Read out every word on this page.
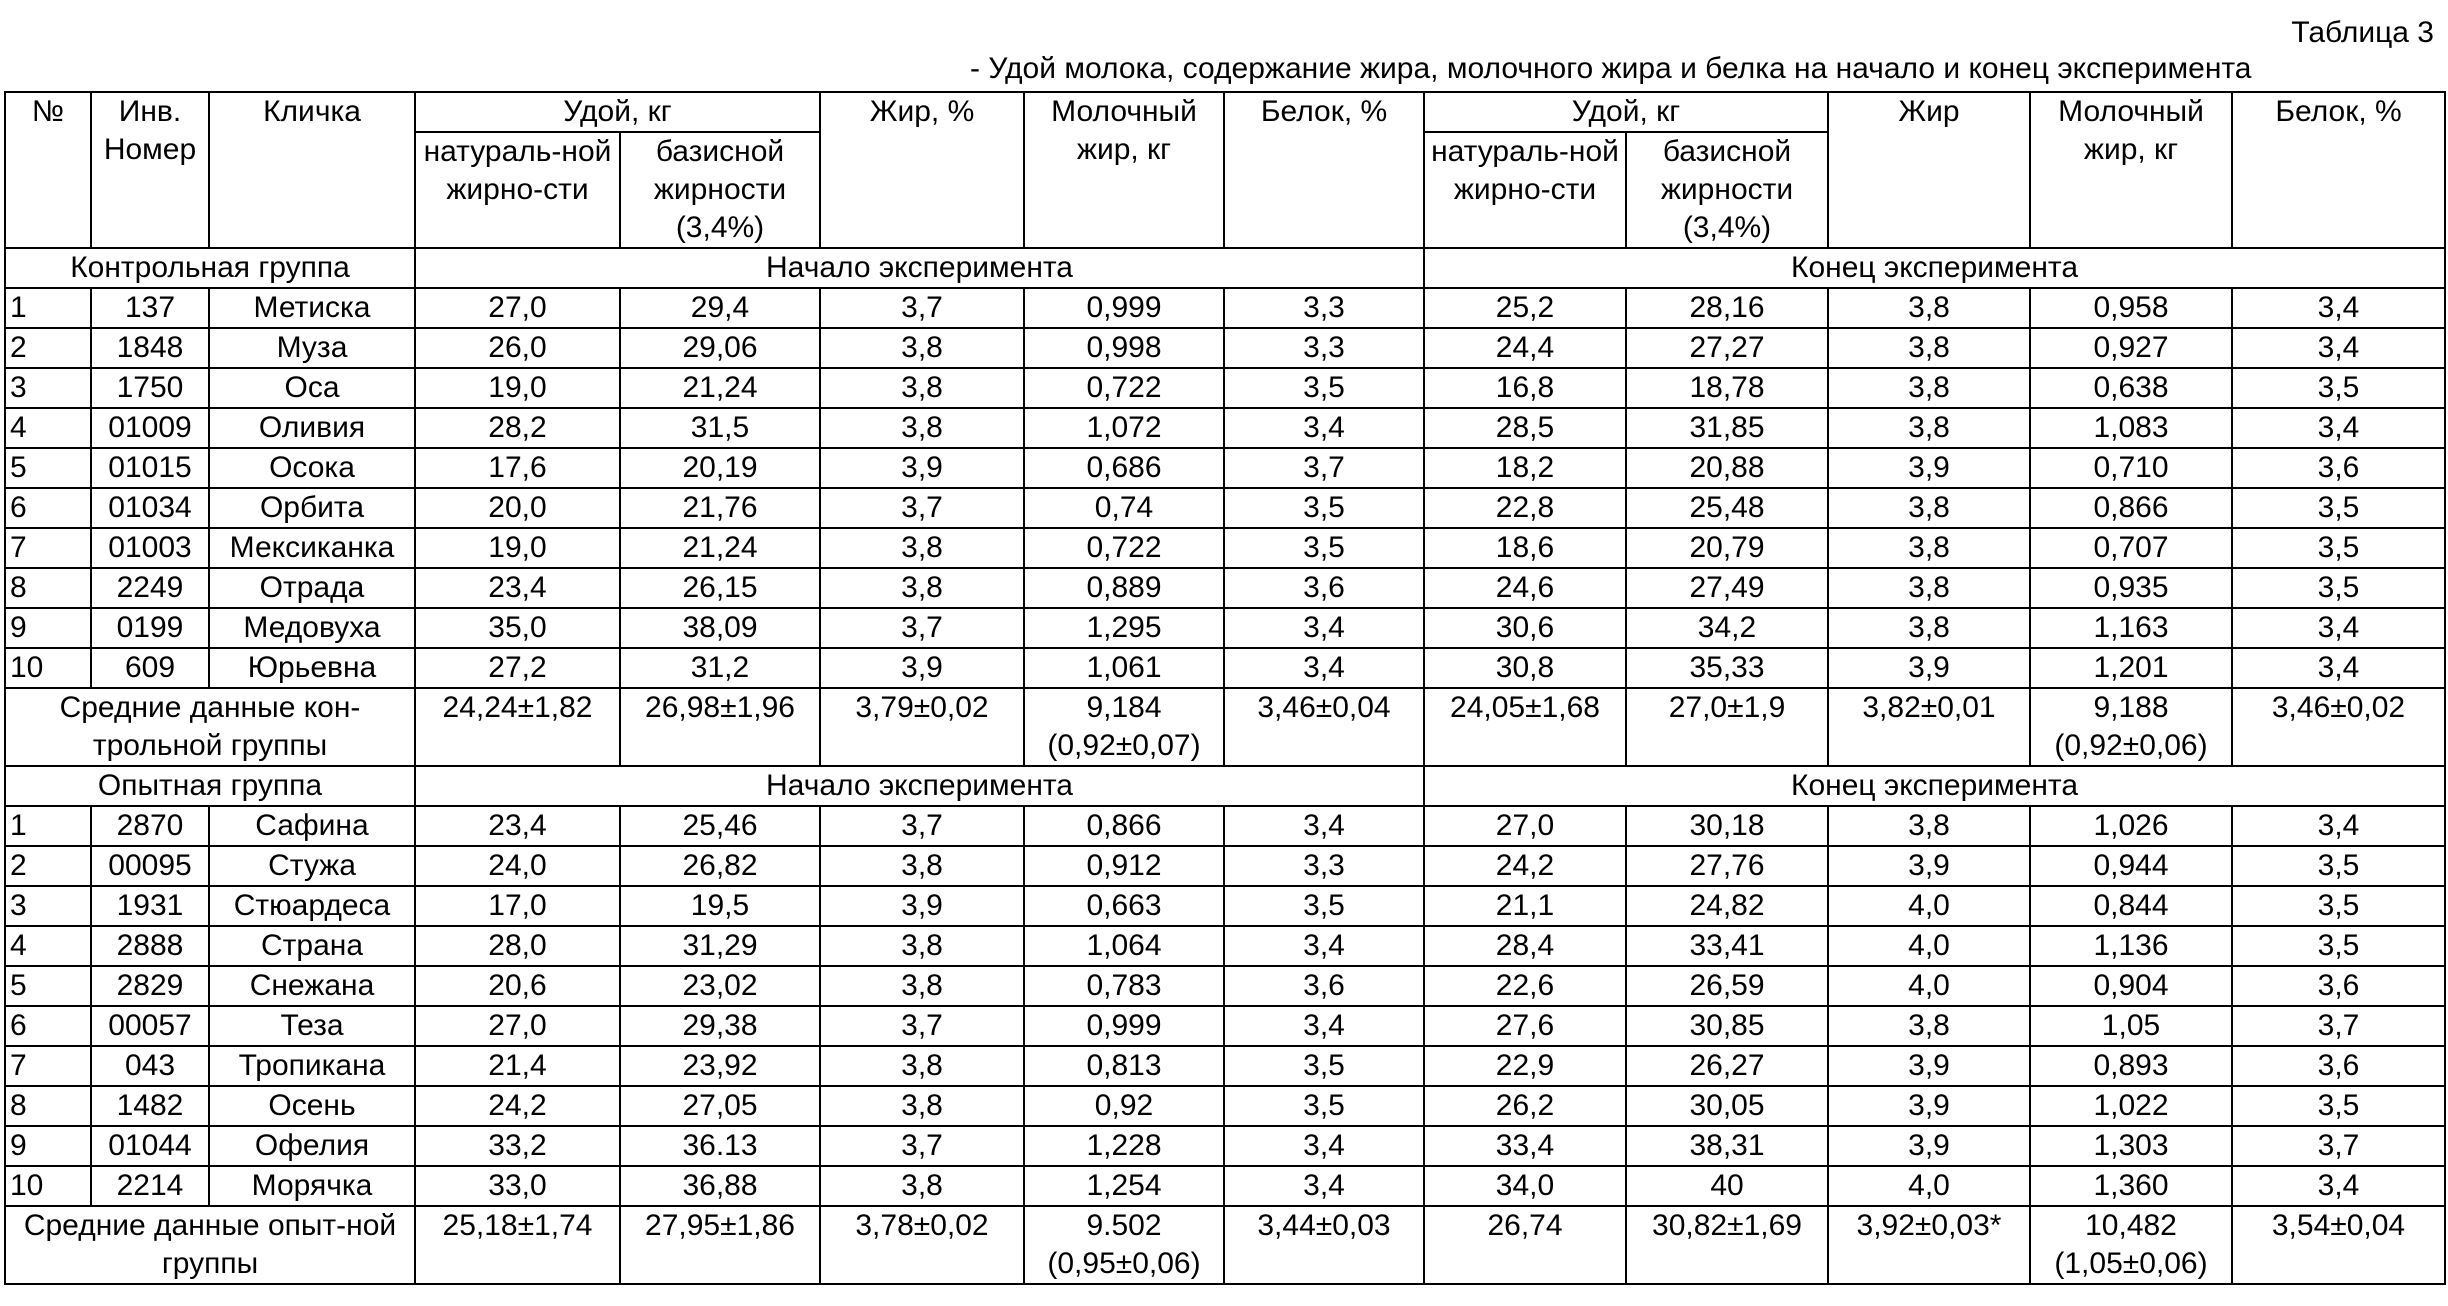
Таблица 3
- Удой молока, содержание жира, молочного жира и белка на начало и конец эксперимента
№	Инв. Номер	Кличка	Удой, кг		Жир, %	Молочный жир, кг	Белок, %	Удой, кг		Жир	Молочный жир, кг	Белок, %
			натураль-ной жирно-сти	базисной жирности (3,4%)				натураль-ной жирно-сти	базисной жирности (3,4%)			
Контрольная группа			Начало эксперимента					Конец эксперимента				
1	137	Метиска	27,0	29,4	3,7	0,999	3,3	25,2	28,16	3,8	0,958	3,4
2	1848	Муза	26,0	29,06	3,8	0,998	3,3	24,4	27,27	3,8	0,927	3,4
3	1750	Оса	19,0	21,24	3,8	0,722	3,5	16,8	18,78	3,8	0,638	3,5
4	01009	Оливия	28,2	31,5	3,8	1,072	3,4	28,5	31,85	3,8	1,083	3,4
5	01015	Осока	17,6	20,19	3,9	0,686	3,7	18,2	20,88	3,9	0,710	3,6
6	01034	Орбита	20,0	21,76	3,7	0,74	3,5	22,8	25,48	3,8	0,866	3,5
7	01003	Мексиканка	19,0	21,24	3,8	0,722	3,5	18,6	20,79	3,8	0,707	3,5
8	2249	Отрада	23,4	26,15	3,8	0,889	3,6	24,6	27,49	3,8	0,935	3,5
9	0199	Медовуха	35,0	38,09	3,7	1,295	3,4	30,6	34,2	3,8	1,163	3,4
10	609	Юрьевна	27,2	31,2	3,9	1,061	3,4	30,8	35,33	3,9	1,201	3,4
Средние данные кон-трольной группы			24,24±1,82	26,98±1,96	3,79±0,02	9,184 (0,92±0,07)	3,46±0,04	24,05±1,68	27,0±1,9	3,82±0,01	9,188 (0,92±0,06)	3,46±0,02
Опытная группа			Начало эксперимента					Конец эксперимента				
1	2870	Сафина	23,4	25,46	3,7	0,866	3,4	27,0	30,18	3,8	1,026	3,4
2	00095	Стужа	24,0	26,82	3,8	0,912	3,3	24,2	27,76	3,9	0,944	3,5
3	1931	Стюардеса	17,0	19,5	3,9	0,663	3,5	21,1	24,82	4,0	0,844	3,5
4	2888	Страна	28,0	31,29	3,8	1,064	3,4	28,4	33,41	4,0	1,136	3,5
5	2829	Снежана	20,6	23,02	3,8	0,783	3,6	22,6	26,59	4,0	0,904	3,6
6	00057	Теза	27,0	29,38	3,7	0,999	3,4	27,6	30,85	3,8	1,05	3,7
7	043	Тропикана	21,4	23,92	3,8	0,813	3,5	22,9	26,27	3,9	0,893	3,6
8	1482	Осень	24,2	27,05	3,8	0,92	3,5	26,2	30,05	3,9	1,022	3,5
9	01044	Офелия	33,2	36.13	3,7	1,228	3,4	33,4	38,31	3,9	1,303	3,7
10	2214	Морячка	33,0	36,88	3,8	1,254	3,4	34,0	40	4,0	1,360	3,4
Средние данные опыт-ной группы			25,18±1,74	27,95±1,86	3,78±0,02	9.502 (0,95±0,06)	3,44±0,03	26,74	30,82±1,69	3,92±0,03*	10,482 (1,05±0,06)	3,54±0,04
